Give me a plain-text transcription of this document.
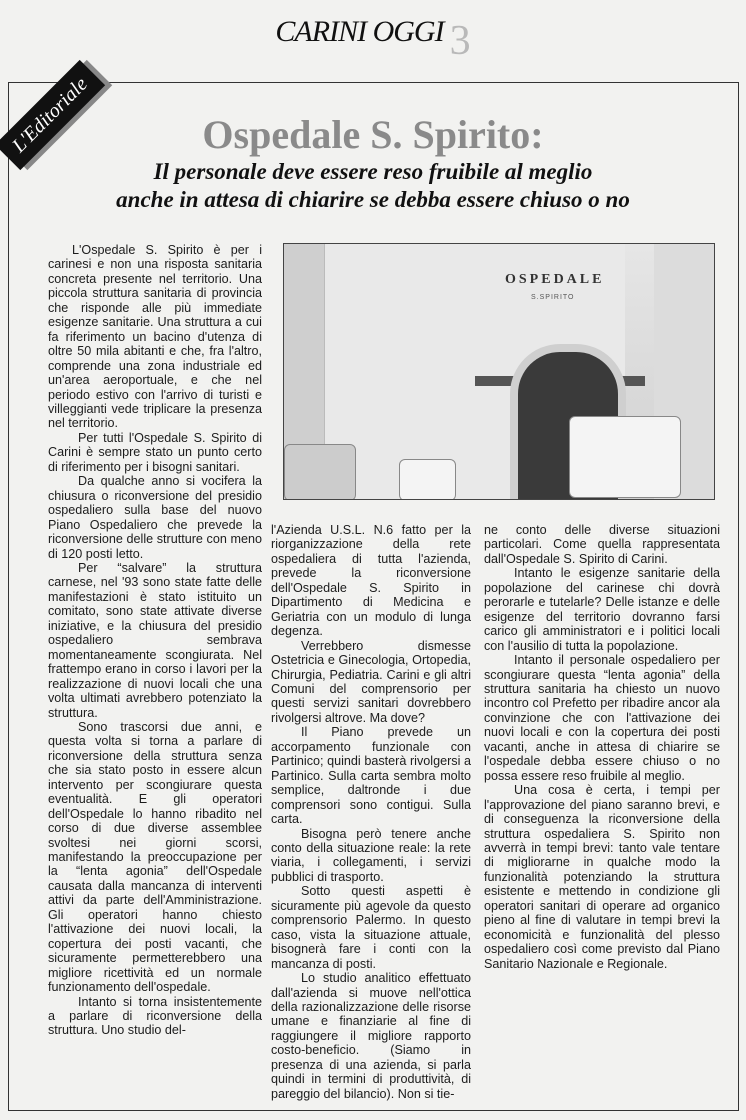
CARINI OGGI 3
L'Editoriale	Ospedale S. Spirito:
Il personale deve essere reso fruibile al meglio
anche in attesa di chiarire se debba essere chiuso o no
OSPEDALE
S.SPIRITO

L'Ospedale S. Spirito è per i carinesi e non una risposta sanitaria concreta presente nel territorio. Una piccola struttura sanitaria di provincia che risponde alle più immediate esigenze sanitarie. Una struttura a cui fa riferimento un bacino d'utenza di oltre 50 mila abitanti e che, fra l'altro, comprende una zona industriale ed un'area aeroportuale, e che nel periodo estivo con l'arrivo di turisti e villeggianti vede triplicare la presenza nel territorio.

Per tutti l'Ospedale S. Spirito di Carini è sempre stato un punto certo di riferimento per i bisogni sanitari.

Da qualche anno si vocifera la chiusura o riconversione del presidio ospedaliero sulla base del nuovo Piano Ospedaliero che prevede la riconversione delle strutture con meno di 120 posti letto.

Per “salvare” la struttura carnese, nel '93 sono state fatte delle manifestazioni è stato istituito un comitato, sono state attivate diverse iniziative, e la chiusura del presidio ospedaliero sembrava momentaneamente scongiurata. Nel frattempo erano in corso i lavori per la realizzazione di nuovi locali che una volta ultimati avrebbero potenziato la struttura.

Sono trascorsi due anni, e questa volta si torna a parlare di riconversione della struttura senza che sia stato posto in essere alcun intervento per scongiurare questa eventualità. E gli operatori dell'Ospedale lo hanno ribadito nel corso di due diverse assemblee svoltesi nei giorni scorsi, manifestando la preoccupazione per la “lenta agonia” dell'Ospedale causata dalla mancanza di interventi attivi da parte dell'Amministrazione. Gli operatori hanno chiesto l'attivazione dei nuovi locali, la copertura dei posti vacanti, che sicuramente permetterebbero una migliore ricettività ed un normale funzionamento dell'ospedale.

Intanto si torna insistentemente a parlare di riconversione della struttura. Uno studio del-

l'Azienda U.S.L. N.6 fatto per la riorganizzazione della rete ospedaliera di tutta l'azienda, prevede la riconversione dell'Ospedale S. Spirito in Dipartimento di Medicina e Geriatria con un modulo di lunga degenza.

Verrebbero dismesse Ostetricia e Ginecologia, Ortopedia, Chirurgia, Pediatria. Carini e gli altri Comuni del comprensorio per questi servizi sanitari dovrebbero rivolgersi altrove. Ma dove?

Il Piano prevede un accorpamento funzionale con Partinico; quindi basterà rivolgersi a Partinico. Sulla carta sembra molto semplice, daltronde i due comprensori sono contigui. Sulla carta.

Bisogna però tenere anche conto della situazione reale: la rete viaria, i collegamenti, i servizi pubblici di trasporto.

Sotto questi aspetti è sicuramente più agevole da questo comprensorio Palermo. In questo caso, vista la situazione attuale, bisognerà fare i conti con la mancanza di posti.

Lo studio analitico effettuato dall'azienda si muove nell'ottica della razionalizzazione delle risorse umane e finanziarie al fine di raggiungere il migliore rapporto costo-beneficio. (Siamo in presenza di una azienda, si parla quindi in termini di produttività, di pareggio del bilancio). Non si tie-

ne conto delle diverse situazioni particolari. Come quella rappresentata dall'Ospedale S. Spirito di Carini.

Intanto le esigenze sanitarie della popolazione del carinese chi dovrà perorarle e tutelarle? Delle istanze e delle esigenze del territorio dovranno farsi carico gli amministratori e i politici locali con l'ausilio di tutta la popolazione.

Intanto il personale ospedaliero per scongiurare questa “lenta agonia” della struttura sanitaria ha chiesto un nuovo incontro col Prefetto per ribadire ancor ala convinzione che con l'attivazione dei nuovi locali e con la copertura dei posti vacanti, anche in attesa di chiarire se l'ospedale debba essere chiuso o no possa essere reso fruibile al meglio.

Una cosa è certa, i tempi per l'approvazione del piano saranno brevi, e di conseguenza la riconversione della struttura ospedaliera S. Spirito non avverrà in tempi brevi: tanto vale tentare di migliorarne in qualche modo la funzionalità potenziando la struttura esistente e mettendo in condizione gli operatori sanitari di operare ad organico pieno al fine di valutare in tempi brevi la economicità e funzionalità del plesso ospedaliero così come previsto dal Piano Sanitario Nazionale e Regionale.
